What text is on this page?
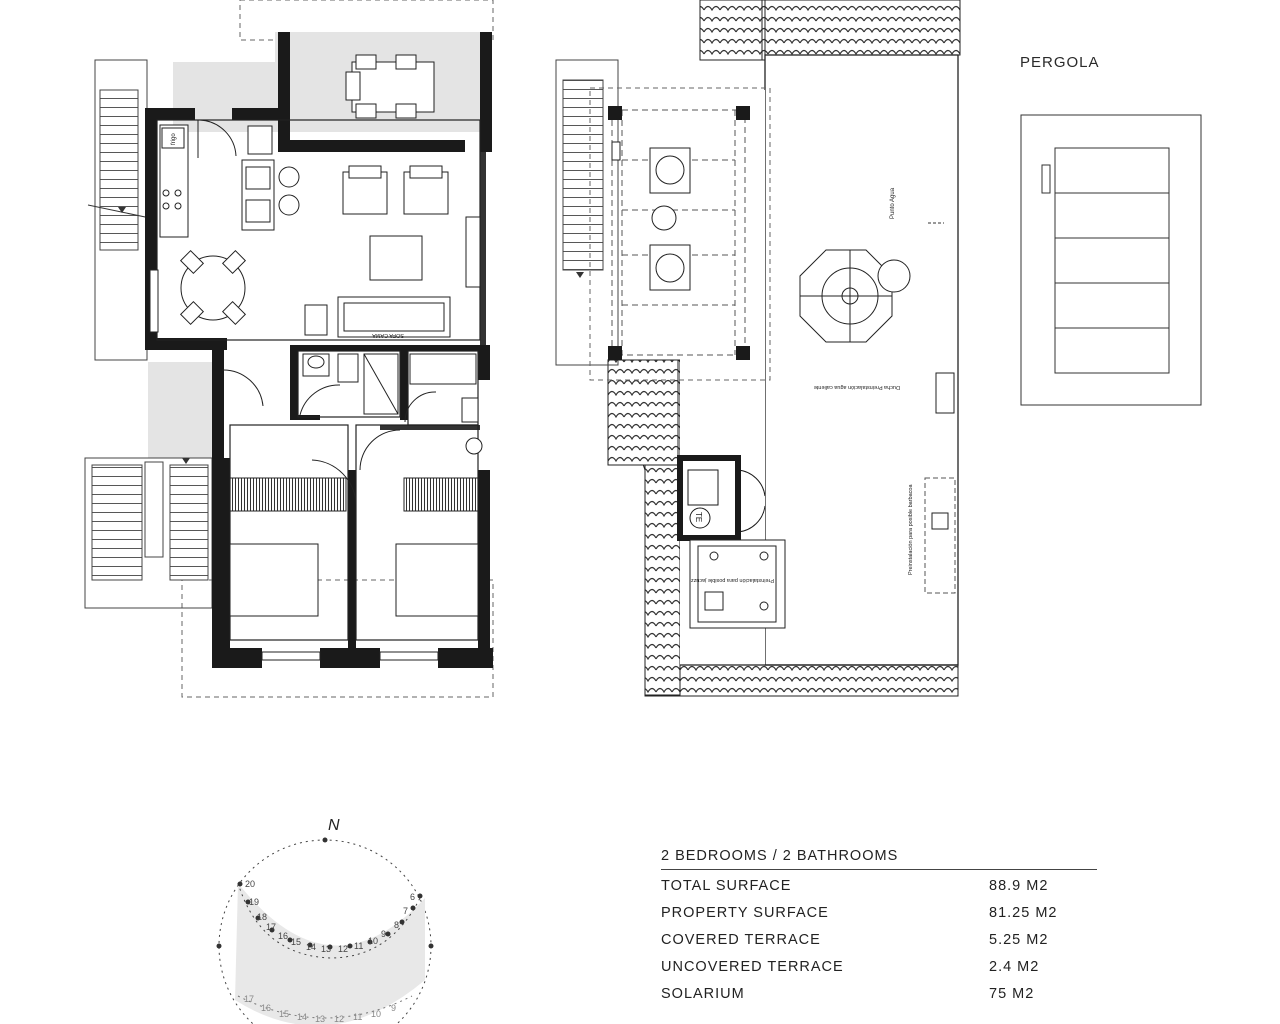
frigo
SOFA CAMA
Punto Agua
Ducha Preinstalación agua caliente
Preinstalación para posible barbacoa
TE
Preinstalación para posible jacuzzi
N
20
19
18
17
16
15 14 13 12 11 10
9
8
7
6
17
16
15 14 13 12 11 10
9
PERGOLA
2 BEDROOMS / 2 BATHROOMS
TOTAL SURFACE	88.9 M2
PROPERTY SURFACE	81.25 M2
COVERED TERRACE	5.25 M2
UNCOVERED TERRACE	2.4 M2
SOLARIUM	75 M2
